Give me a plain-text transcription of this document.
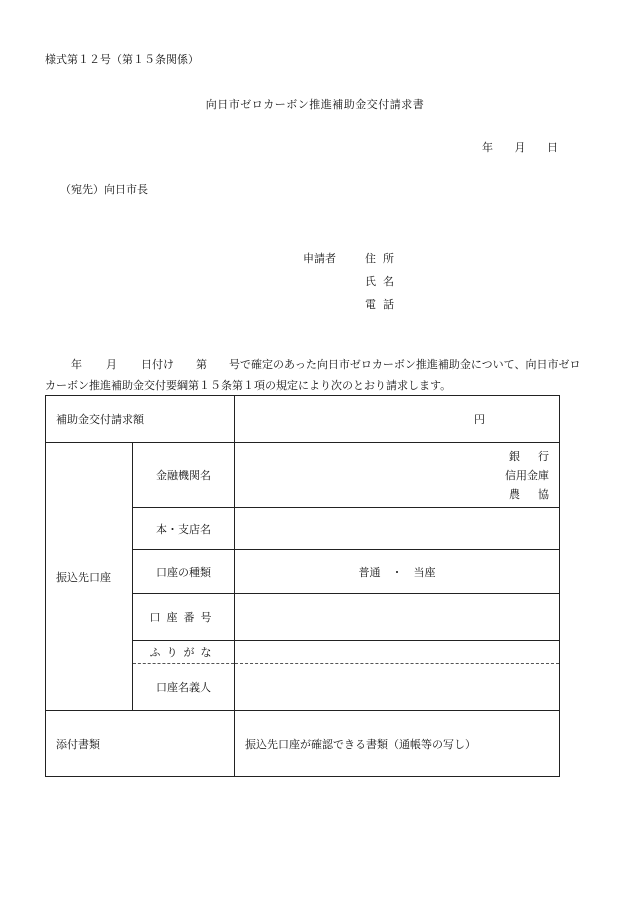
様式第１２号（第１５条関係）
向日市ゼロカーボン推進補助金交付請求書
年 月 日
（宛先）向日市長
申請者	住所
氏名
電話
年 月 日付け 第 号で確定のあった向日市ゼロカーボン推進補助金について、向日市ゼロカーボン推進補助金交付要綱第１５条第１項の規定により次のとおり請求します。
補助金交付請求額		円
振込先口座	金融機関名	銀行
信用金庫
農協

	本・支店名	
	口座の種類	普通　・　当座
	口座番号	
	ふりがな	
	口座名義人	
添付書類		振込先口座が確認できる書類（通帳等の写し）
